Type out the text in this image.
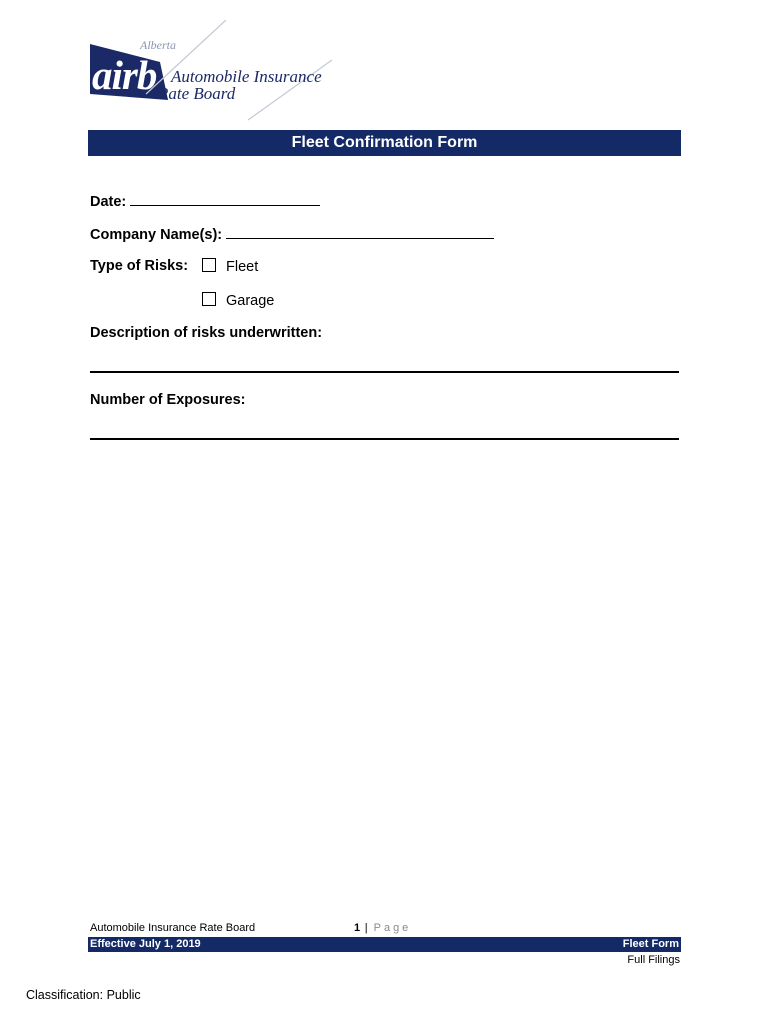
Alberta
airb Automobile Insurance
Rate Board
Fleet Confirmation Form
Date:
Company Name(s):
Type of Risks:	Fleet
Garage
Description of risks underwritten:
Number of Exposures:
Automobile Insurance Rate Board	1 | Page
Effective July 1, 2019	Fleet Form
Full Filings
Classification: Public
